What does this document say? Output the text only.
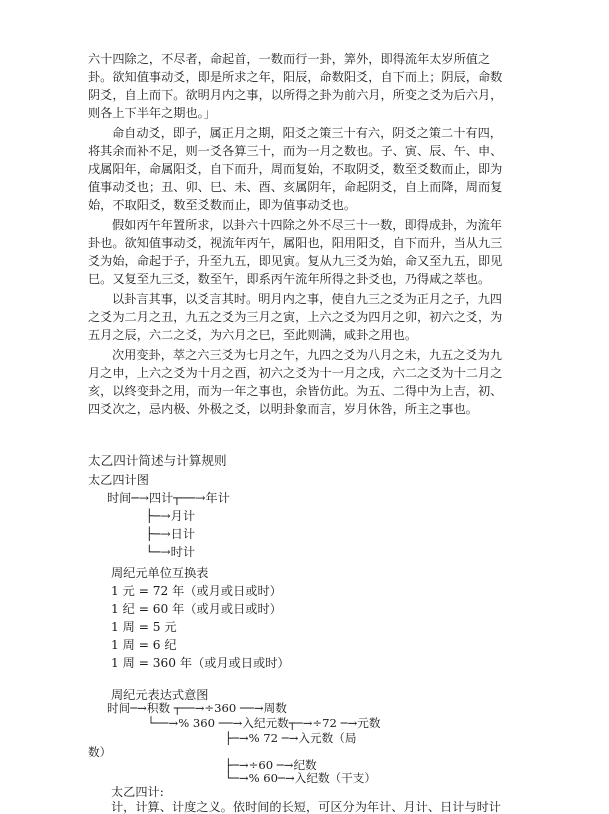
六十四除之，不尽者，命起首，一数而行一卦，筭外，即得流年太岁所值之
卦。欲知值事动爻，即是所求之年，阳辰，命数阳爻，自下而上；阴辰，命数
阴爻，自上而下。欲明月内之事，以所得之卦为前六月，所变之爻为后六月，
则各上下半年之期也。」
命自动爻，即子，属正月之期，阳爻之策三十有六，阴爻之策二十有四，
将其余而补不足，则一爻各算三十，而为一月之数也。子、寅、辰、午、申、
戌属阳年，命属阳爻，自下而升，周而复始，不取阴爻，数至爻数而止，即为
值事动爻也；丑、卯、巳、未、酉、亥属阴年，命起阴爻，自上而降，周而复
始，不取阳爻，数至爻数而止，即为值事动爻也。
假如丙午年置所求，以卦六十四除之外不尽三十一数，即得成卦，为流年
卦也。欲知值事动爻，视流年丙午，属阳也，阳用阳爻，自下而升，当从九三
爻为始，命起于子，升至九五，即见寅。复从九三爻为始，命又至九五，即见
巳。又复至九三爻，数至午，即系丙午流年所得之卦爻也，乃得咸之萃也。
以卦言其事，以爻言其时。明月内之事，使自九三之爻为正月之子，九四
之爻为二月之丑，九五之爻为三月之寅，上六之爻为四月之卯，初六之爻，为
五月之辰，六二之爻，为六月之巳，至此则满，咸卦之用也。
次用变卦，萃之六三爻为七月之午，九四之爻为八月之未，九五之爻为九
月之申，上六之爻为十月之酉，初六之爻为十一月之戌，六二之爻为十二月之
亥，以终变卦之用，而为一年之事也，余皆仿此。为五、二得中为上吉，初、
四爻次之，忌内极、外极之爻，以明卦象而言，岁月休咎，所主之事也。
太乙四计简述与计算规则
太乙四计图
时间─→四计┬──→年计
├─→月计
├─→日计
└─→时计
周纪元单位互换表
1 元 = 72 年（或月或日或时）
1 纪 = 60 年（或月或日或时）
1 周 = 5 元
1 周 = 6 纪
1 周 = 360 年（或月或日或时）
周纪元表达式意图
时间─→积数 ┬──→÷360 ──→周数
└──→% 360 ──→入纪元数┬─→÷72 ─→元数
├─→% 72 ─→入元数（局
数）
├─→÷60 ─→纪数
└─→% 60─→入纪数（干支）
太乙四计:
计，计算、计度之义。依时间的长短，可区分为年计、月计、日计与时计
